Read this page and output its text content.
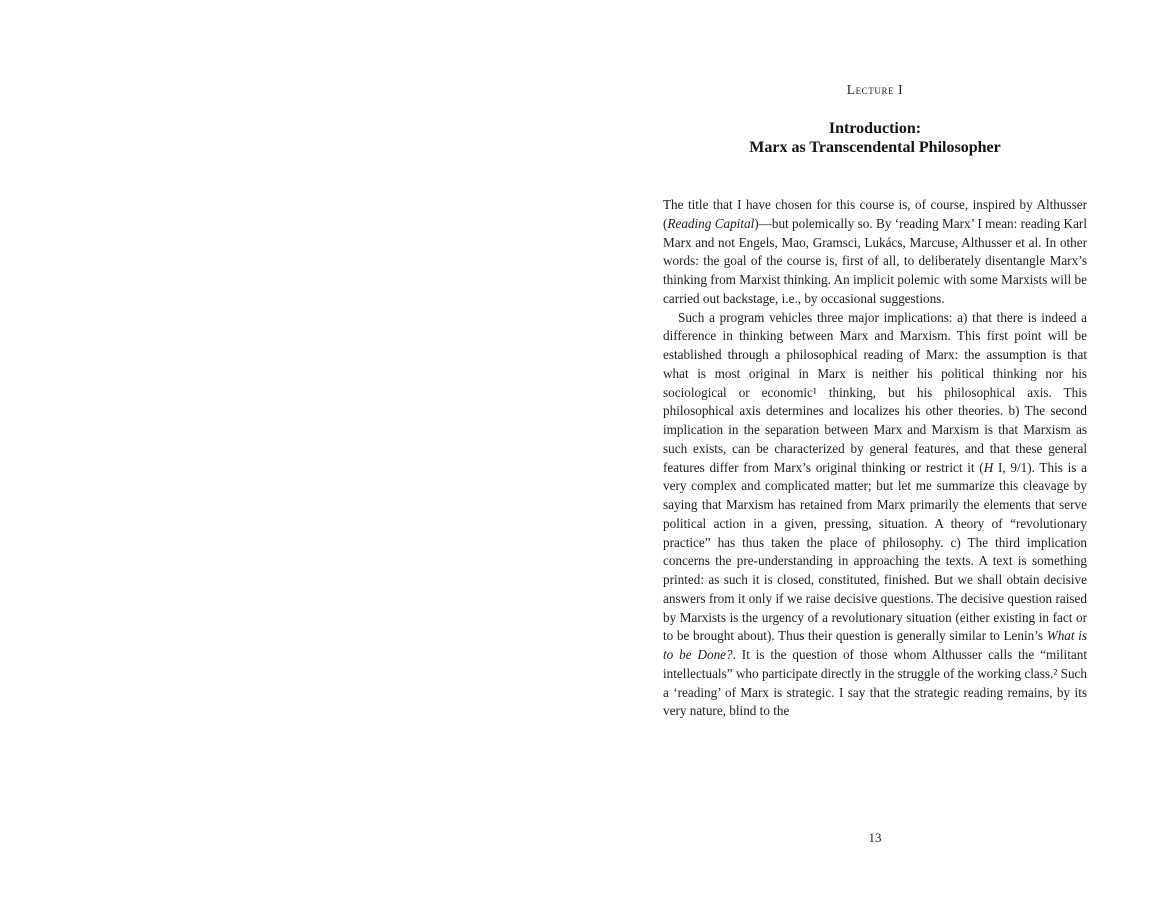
Lecture I
Introduction:
Marx as Transcendental Philosopher

The title that I have chosen for this course is, of course, inspired by Althusser (Reading Capital)—but polemically so. By ‘reading Marx’ I mean: reading Karl Marx and not Engels, Mao, Gramsci, Lukács, Marcuse, Althusser et al. In other words: the goal of the course is, first of all, to deliberately disentangle Marx’s thinking from Marxist thinking. An implicit polemic with some Marxists will be carried out backstage, i.e., by occasional suggestions.

Such a program vehicles three major implications: a) that there is indeed a difference in thinking between Marx and Marxism. This first point will be established through a philosophical reading of Marx: the assumption is that what is most original in Marx is neither his political thinking nor his sociological or economic¹ thinking, but his philosophical axis. This philosophical axis determines and localizes his other theories. b) The second implication in the separation between Marx and Marxism is that Marxism as such exists, can be characterized by general features, and that these general features differ from Marx’s original thinking or restrict it (H I, 9/1). This is a very complex and complicated matter; but let me summarize this cleavage by saying that Marxism has retained from Marx primarily the elements that serve political action in a given, pressing, situation. A theory of “revolutionary practice” has thus taken the place of philosophy. c) The third implication concerns the pre-understanding in approaching the texts. A text is something printed: as such it is closed, constituted, finished. But we shall obtain decisive answers from it only if we raise decisive questions. The decisive question raised by Marxists is the urgency of a revolutionary situation (either existing in fact or to be brought about). Thus their question is generally similar to Lenin’s What is to be Done?. It is the question of those whom Althusser calls the “militant intellectuals” who participate directly in the struggle of the working class.² Such a ‘reading’ of Marx is strategic. I say that the strategic reading remains, by its very nature, blind to the

13
